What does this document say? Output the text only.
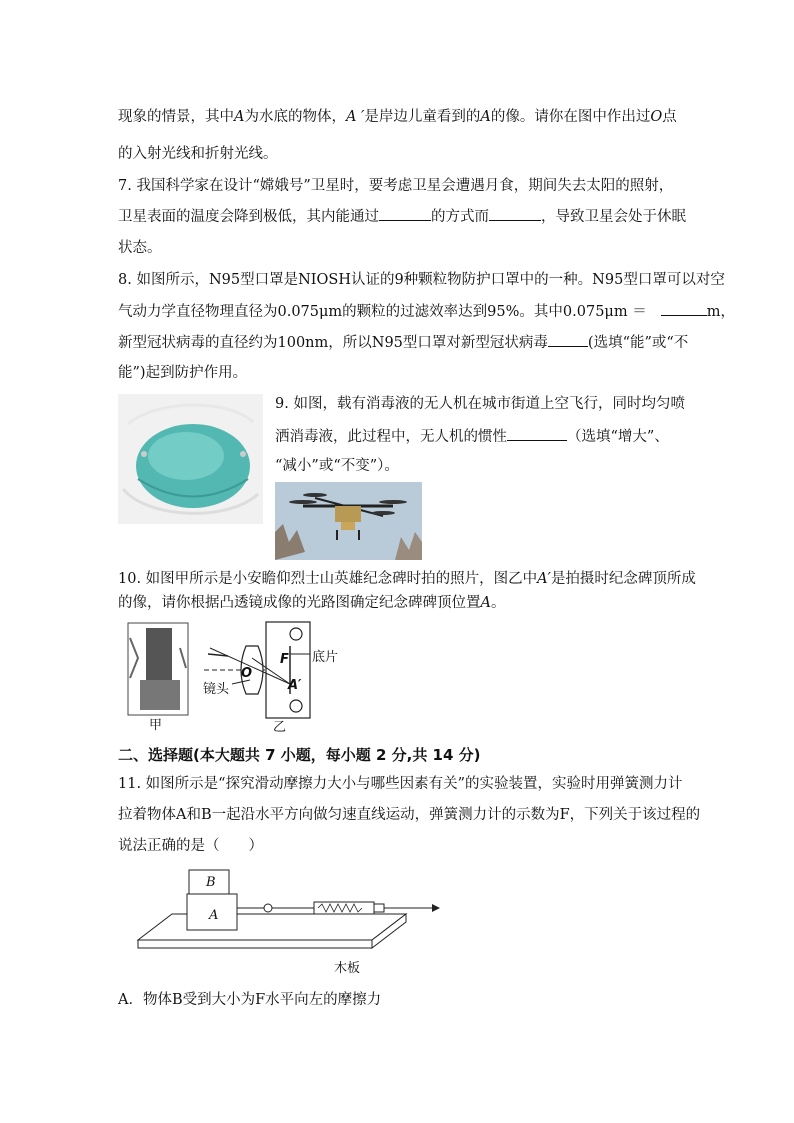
现象的情景，其中A为水底的物体，A ′是岸边儿童看到的A的像。请你在图中作出过O点
的入射光线和折射光线。
7. 我国科学家在设计“嫦娥号”卫星时，要考虑卫星会遭遇月食，期间失去太阳的照射，
卫星表面的温度会降到极低，其内能通过	的方式而	，导致卫星会处于休眠
状态。
8. 如图所示，N95型口罩是NIOSH认证的9种颗粒物防护口罩中的一种。N95型口罩可以对空
气动力学直径物理直径为0.075μm的颗粒的过滤效率达到95%。其中0.075μm ＝	m，
新型冠状病毒的直径约为100nm，所以N95型口罩对新型冠状病毒	(选填“能”或“不
能”)起到防护作用。
9. 如图，载有消毒液的无人机在城市街道上空飞行，同时均匀喷
洒消毒液，此过程中，无人机的惯性	（选填“增大”、
“减小”或“不变”）。
10. 如图甲所示是小安瞻仰烈士山英雄纪念碑时拍的照片，图乙中A′是拍摄时纪念碑顶所成
的像，请你根据凸透镜成像的光路图确定纪念碑碑顶位置A。
甲	乙
镜头
底片
F
O
A′
二、选择题(本大题共 7 小题，每小题 2 分,共 14 分)
11. 如图所示是“探究滑动摩擦力大小与哪些因素有关”的实验装置，实验时用弹簧测力计
拉着物体A和B一起沿水平方向做匀速直线运动，弹簧测力计的示数为F，下列关于该过程的
说法正确的是（　　）
B
A
木板
A．物体B受到大小为F水平向左的摩擦力
